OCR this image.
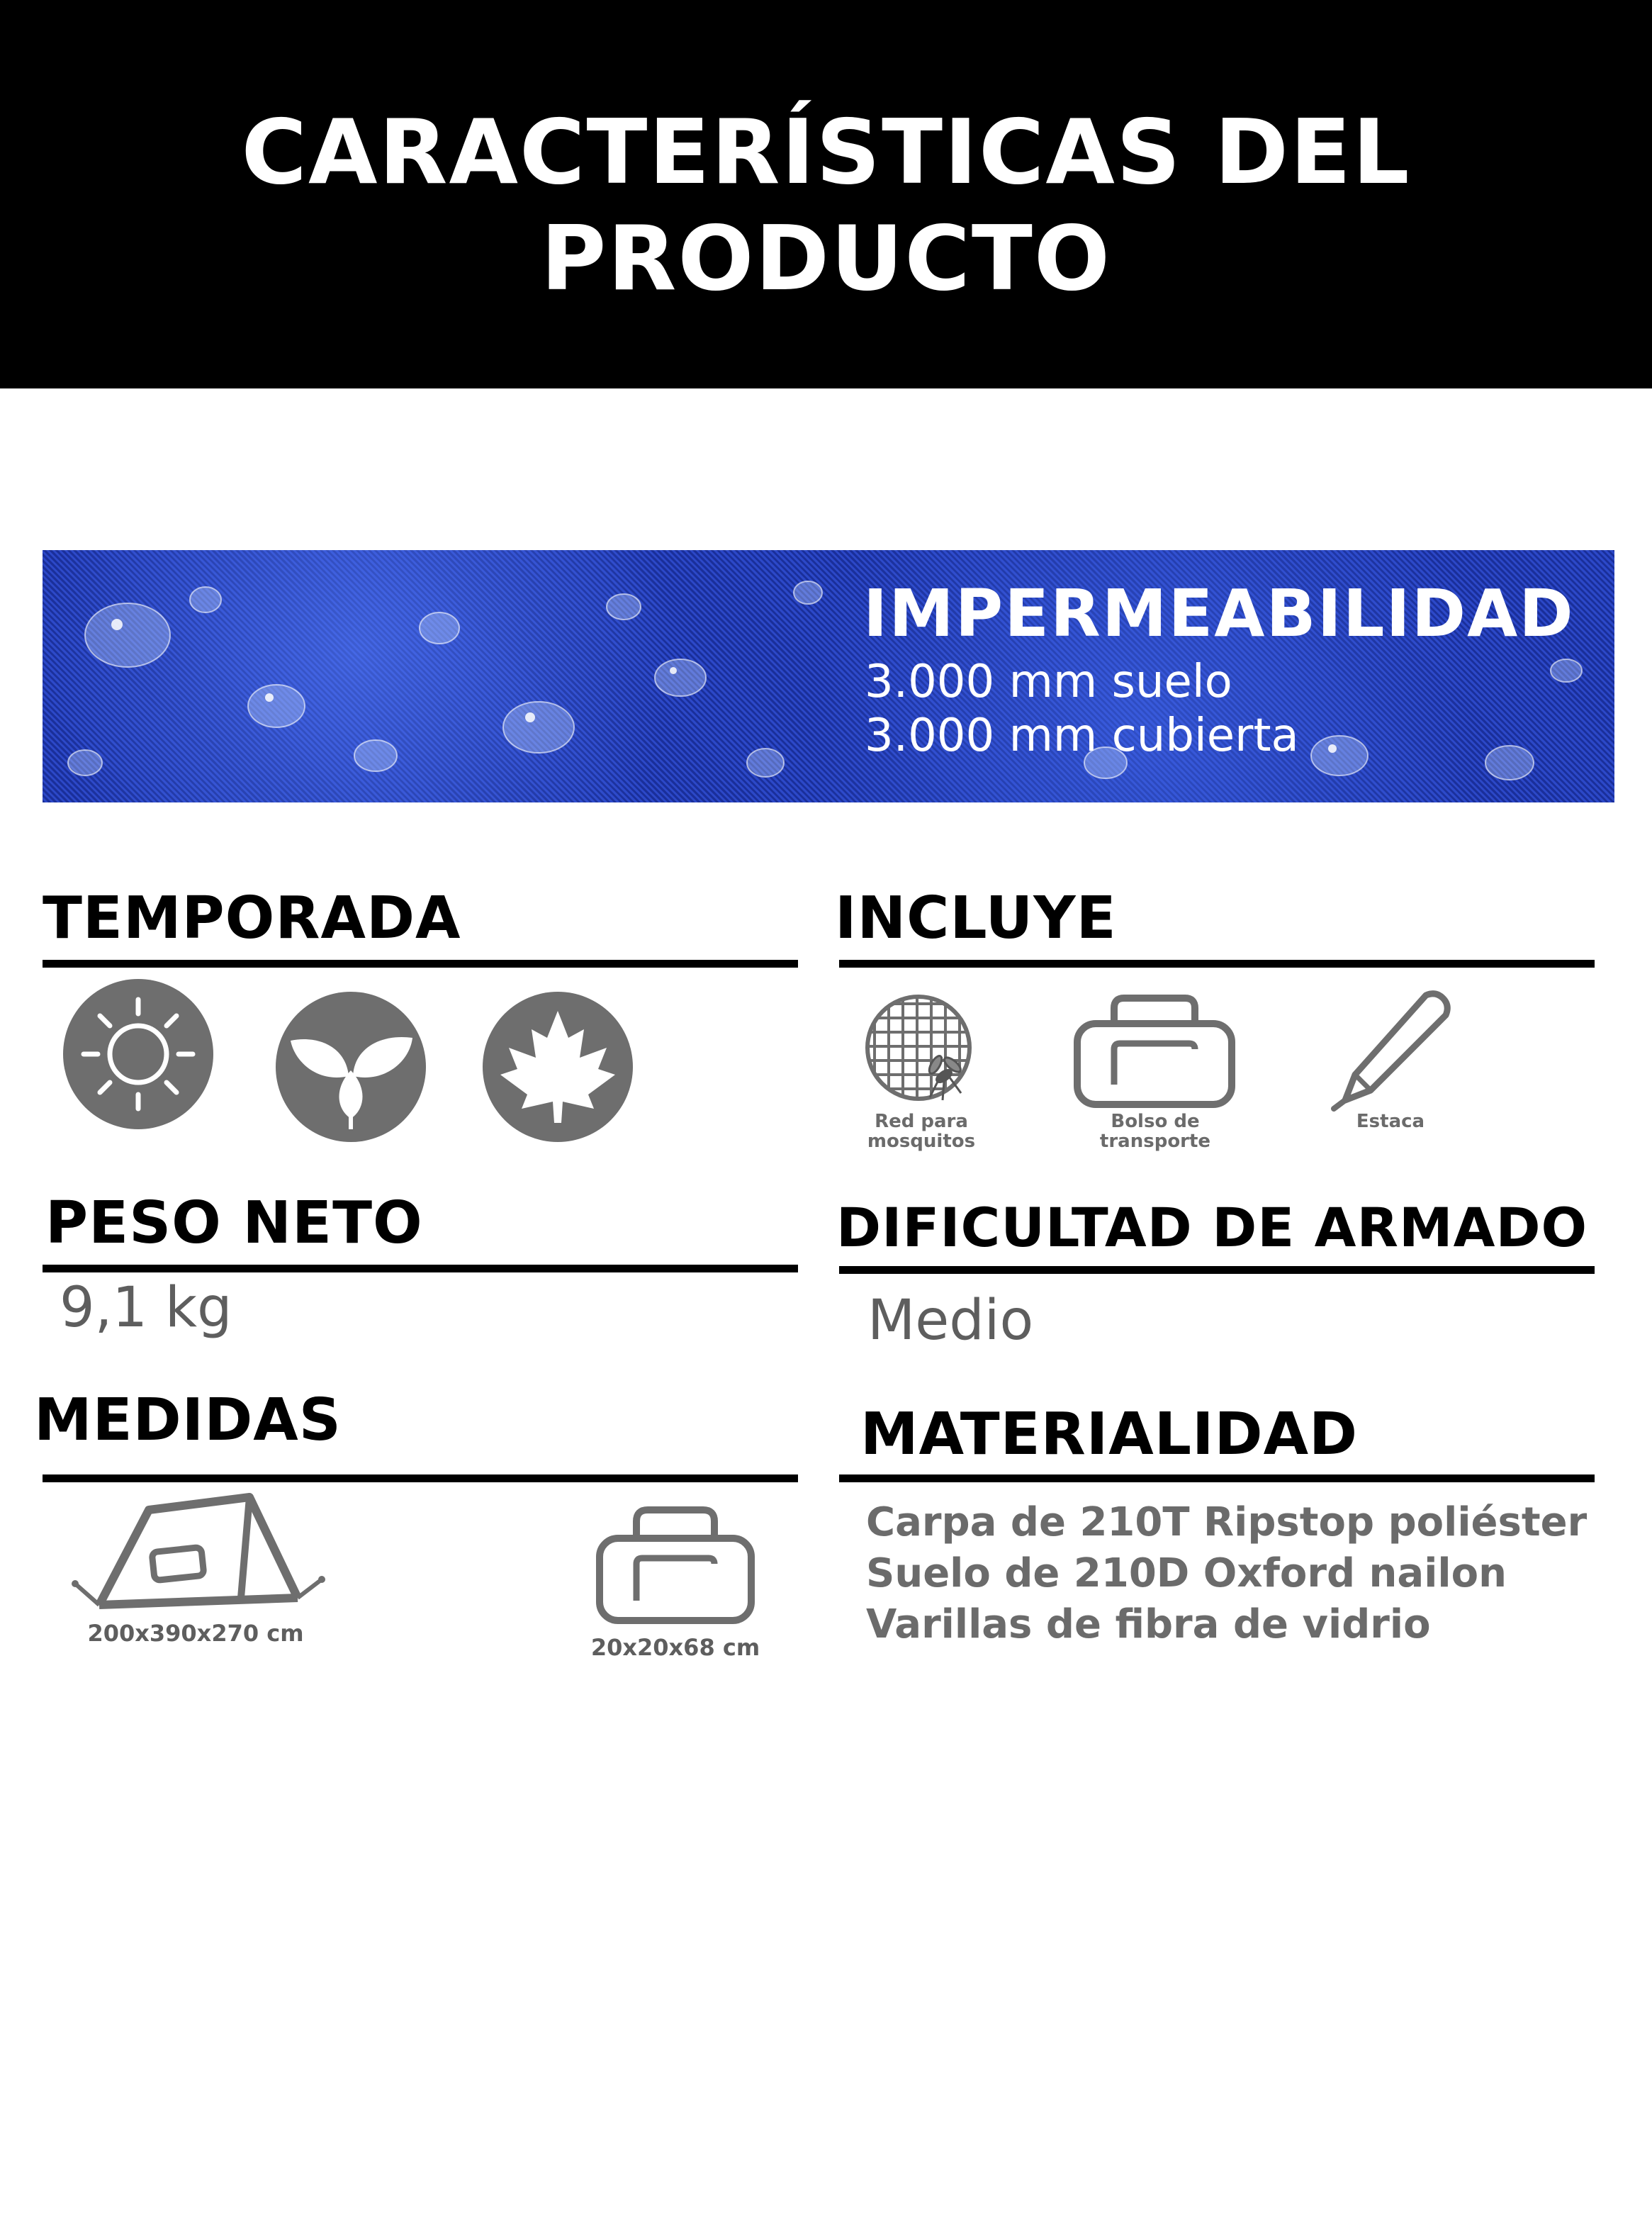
CARACTERÍSTICAS DEL
PRODUCTO
IMPERMEABILIDAD
3.000 mm suelo
3.000 mm cubierta
TEMPORADA	INCLUYE
Red para
mosquitos
Bolso de
transporte
Estaca
PESO NETO
9,1 kg
DIFICULTAD DE ARMADO
Medio
MEDIDAS
200x390x270 cm
20x20x68 cm
MATERIALIDAD
Carpa de 210T Ripstop poliéster
Suelo de 210D Oxford nailon
Varillas de fibra de vidrio
